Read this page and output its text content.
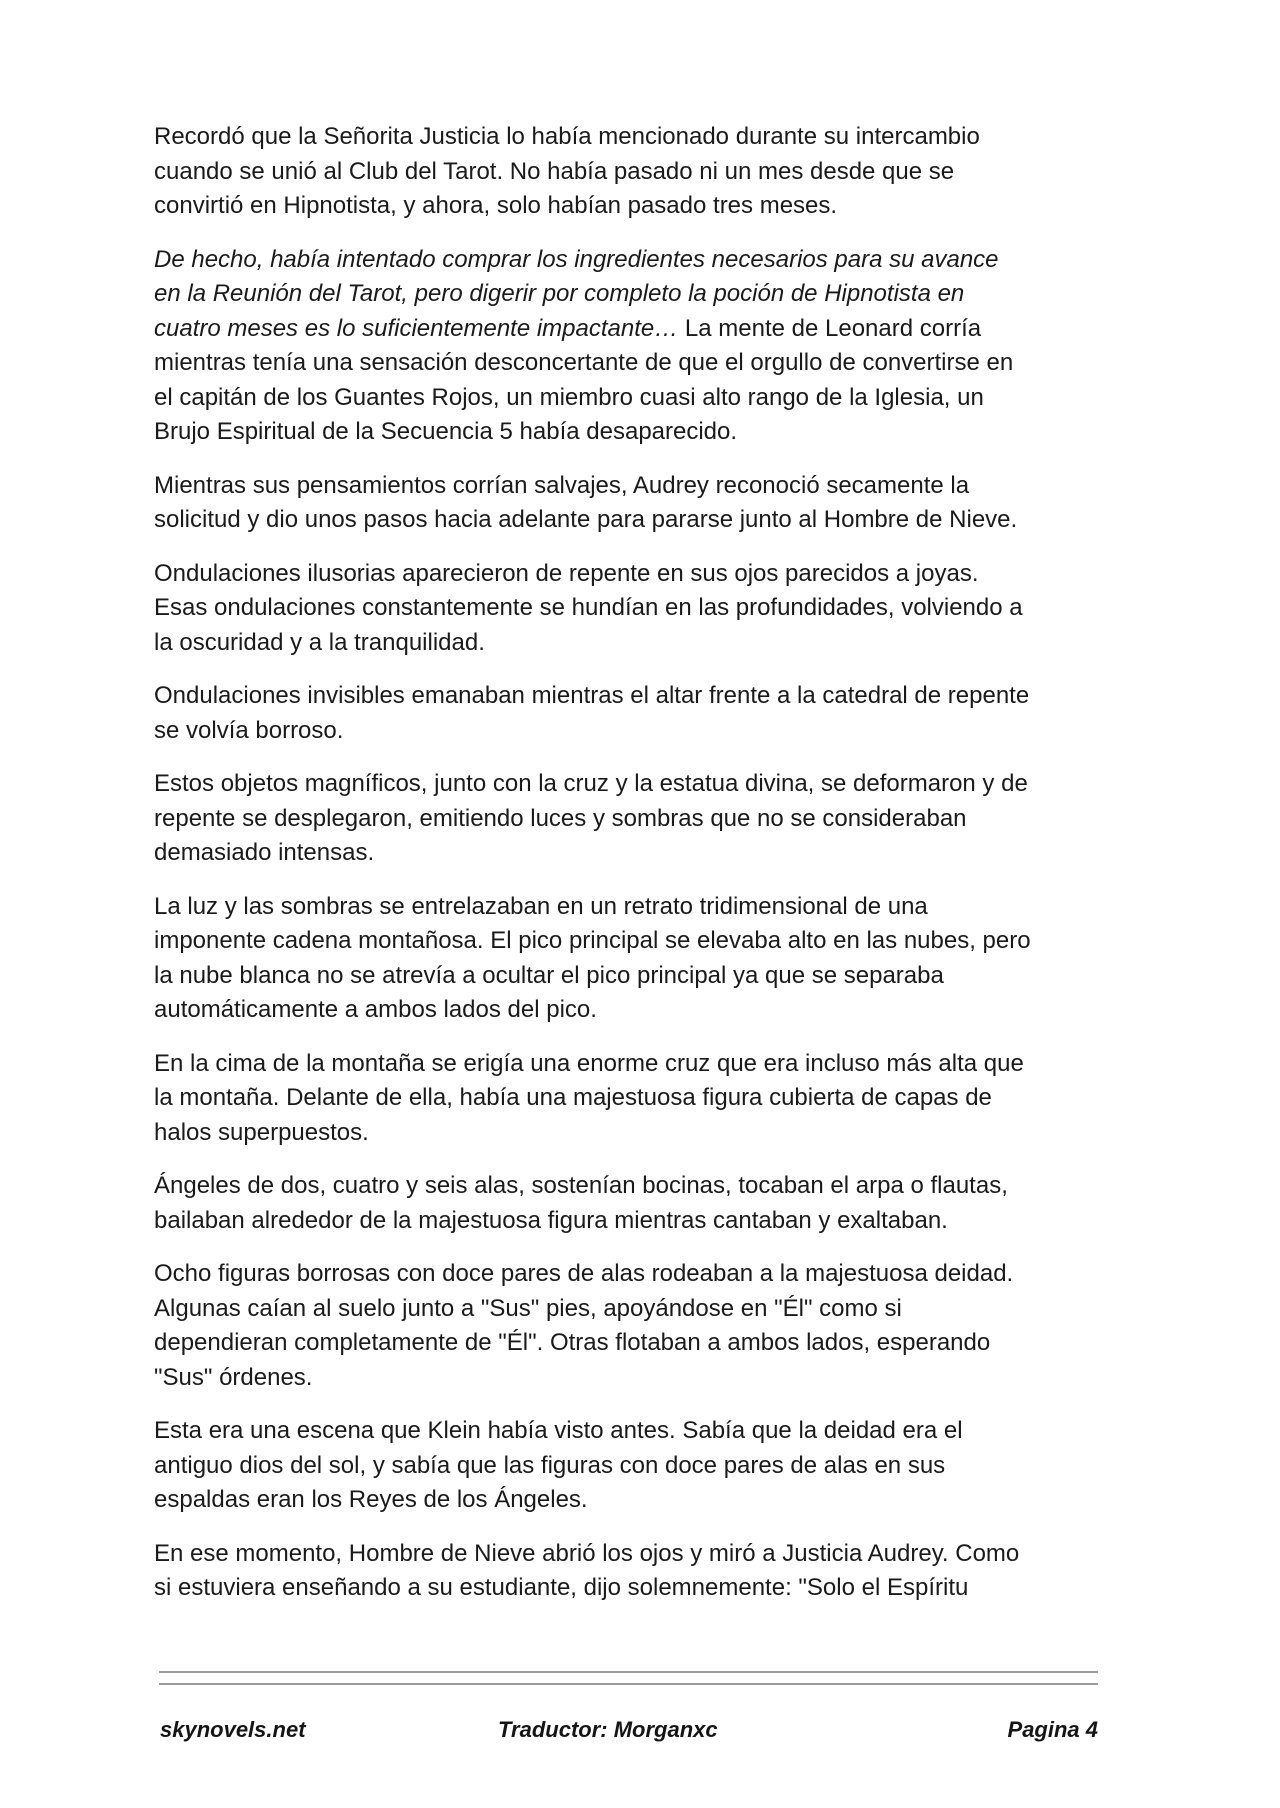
Recordó que la Señorita Justicia lo había mencionado durante su intercambio
cuando se unió al Club del Tarot. No había pasado ni un mes desde que se
convirtió en Hipnotista, y ahora, solo habían pasado tres meses.
De hecho, había intentado comprar los ingredientes necesarios para su avance
en la Reunión del Tarot, pero digerir por completo la poción de Hipnotista en
cuatro meses es lo suficientemente impactante… La mente de Leonard corría
mientras tenía una sensación desconcertante de que el orgullo de convertirse en
el capitán de los Guantes Rojos, un miembro cuasi alto rango de la Iglesia, un
Brujo Espiritual de la Secuencia 5 había desaparecido.
Mientras sus pensamientos corrían salvajes, Audrey reconoció secamente la
solicitud y dio unos pasos hacia adelante para pararse junto al Hombre de Nieve.
Ondulaciones ilusorias aparecieron de repente en sus ojos parecidos a joyas.
Esas ondulaciones constantemente se hundían en las profundidades, volviendo a
la oscuridad y a la tranquilidad.
Ondulaciones invisibles emanaban mientras el altar frente a la catedral de repente
se volvía borroso.
Estos objetos magníficos, junto con la cruz y la estatua divina, se deformaron y de
repente se desplegaron, emitiendo luces y sombras que no se consideraban
demasiado intensas.
La luz y las sombras se entrelazaban en un retrato tridimensional de una
imponente cadena montañosa. El pico principal se elevaba alto en las nubes, pero
la nube blanca no se atrevía a ocultar el pico principal ya que se separaba
automáticamente a ambos lados del pico.
En la cima de la montaña se erigía una enorme cruz que era incluso más alta que
la montaña. Delante de ella, había una majestuosa figura cubierta de capas de
halos superpuestos.
Ángeles de dos, cuatro y seis alas, sostenían bocinas, tocaban el arpa o flautas,
bailaban alrededor de la majestuosa figura mientras cantaban y exaltaban.
Ocho figuras borrosas con doce pares de alas rodeaban a la majestuosa deidad.
Algunas caían al suelo junto a "Sus" pies, apoyándose en "Él" como si
dependieran completamente de "Él". Otras flotaban a ambos lados, esperando
"Sus" órdenes.
Esta era una escena que Klein había visto antes. Sabía que la deidad era el
antiguo dios del sol, y sabía que las figuras con doce pares de alas en sus
espaldas eran los Reyes de los Ángeles.
En ese momento, Hombre de Nieve abrió los ojos y miró a Justicia Audrey. Como
si estuviera enseñando a su estudiante, dijo solemnemente: "Solo el Espíritu
skynovels.net	Traductor: Morganxc	Pagina 4
